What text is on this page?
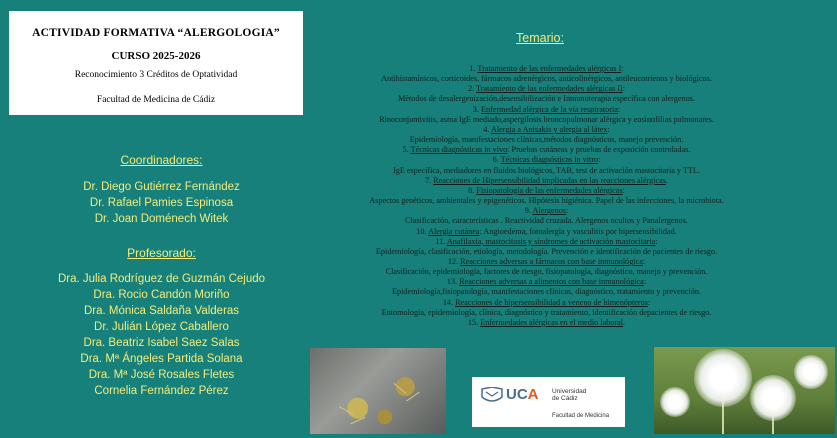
ACTIVIDAD FORMATIVA “ALERGOLOGIA”
CURSO 2025-2026
Reconocimiento 3 Créditos de Optatividad
Facultad de Medicina de Cádiz
Coordinadores:
Dr. Diego Gutiérrez Fernández
Dr. Rafael Pamies Espinosa
Dr. Joan Doménech Witek
Profesorado:
Dra. Julia Rodríguez de Guzmán Cejudo
Dra. Rocio Candón Moriño
Dra. Mónica Saldaña Valderas
Dr. Julián López Caballero
Dra. Beatriz Isabel Saez Salas
Dra. Mª Ángeles Partida Solana
Dra. Mª José Rosales Fletes
Cornelia Fernández Pérez
Temario:
1. Tratamiento de las enfermedades alérgicas I:
Antihistamínicos, corticoides, fármacos adrenérgicos, anticolinérgicos, antileucotrienos y biológicos.
2. Tratamiento de las enfermedades alérgicas II:
Métodos de desalergenización,desensibilización e Inmunoterapia específica con alergenos.
3. Enfermedad alérgica de la vía respiratoria:
Rinoconjuntivitis, asma IgE mediado,aspergilosis broncopulmonar alérgica y eosinofilias pulmonares.
4. Alergia a Anisakis y alergia al látex:
Epidemiología, manifestaciones clínicas,métodos diagnósticos, manejo prevención.
5. Técnicas diagnósticas in vivo: Pruebas cutáneas y pruebas de exposición controladas.
6. Técnicas diagnósticas in vitro:
IgE específica, mediadores en fluidos biológicos, TAB, test de activación mastocitaria y TTL.
7. Reacciones de Hipersensibilidad implicadas en las reacciones alérgicas.
8. Fisiopatología de las enfermedades alérgicas:
Aspectos genéticos, ambientales y epigenéticos. Hipótesis higiénica. Papel de las infecciones, la microbiota.
9. Alergenos:
Clasificación, características . Reactividad cruzada. Alergenos ocultos y Panalergenos.
10. Alergia cutánea: Angioedema, fotoalergia y vasculitis por hipersensibilidad.
11. Anafilaxia, mastocitosis y síndromes de activación mastocitaria:
Epidemiología, clasificación, etiología, metodología. Prevención e identificación de pacientes de riesgo.
12. Reacciones adversas a fármacos con base inmunológica:
Clasificación, epidemiología, factores de riesgo, fisiopatología, diagnóstico, manejo y prevención.
13. Reacciones adversas a alimentos con base inmunológica:
Epidemiología,fisiopatología, manifestaciones clínicas, diagnóstico, tratamiento y prevención.
14. Reacciones de hipersensibilidad a veneno de himenópteros:
Entomología, epidemiología, clínica, diagnóstico y tratamiento, identificación depacientes de riesgo.
15. Enfermedades alérgicas en el medio laboral.
UCA Universidad
de Cádiz
Facultad de Medicina
